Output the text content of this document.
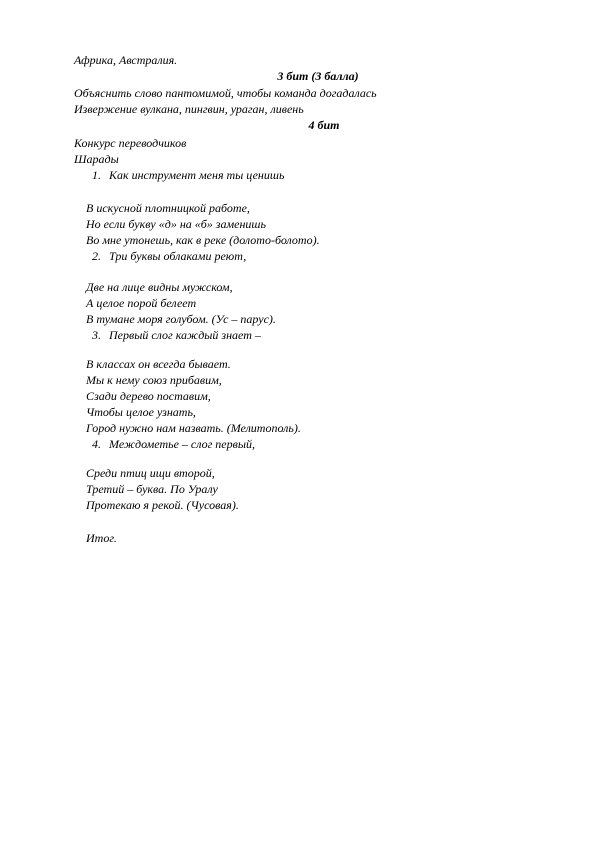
Африка, Австралия.
3 бит (3 балла)
Объяснить слово пантомимой, чтобы команда догадалась
Извержение вулкана, пингвин, ураган, ливень
4 бит
Конкурс переводчиков
Шарады
1. Как инструмент меня ты ценишь
В искусной плотницкой работе,
Но если букву «д» на «б» заменишь
Во мне утонешь, как в реке (долото-болото).
2. Три буквы облаками реют,
Две на лице видны мужском,
А целое порой белеет
В тумане моря голубом. (Ус – парус).
3. Первый слог каждый знает –
В классах он всегда бывает.
Мы к нему союз прибавим,
Сзади дерево поставим,
Чтобы целое узнать,
Город нужно нам назвать. (Мелитополь).
4. Междометье – слог первый,
Среди птиц ищи второй,
Третий – буква. По Уралу
Протекаю я рекой. (Чусовая).
Итог.
